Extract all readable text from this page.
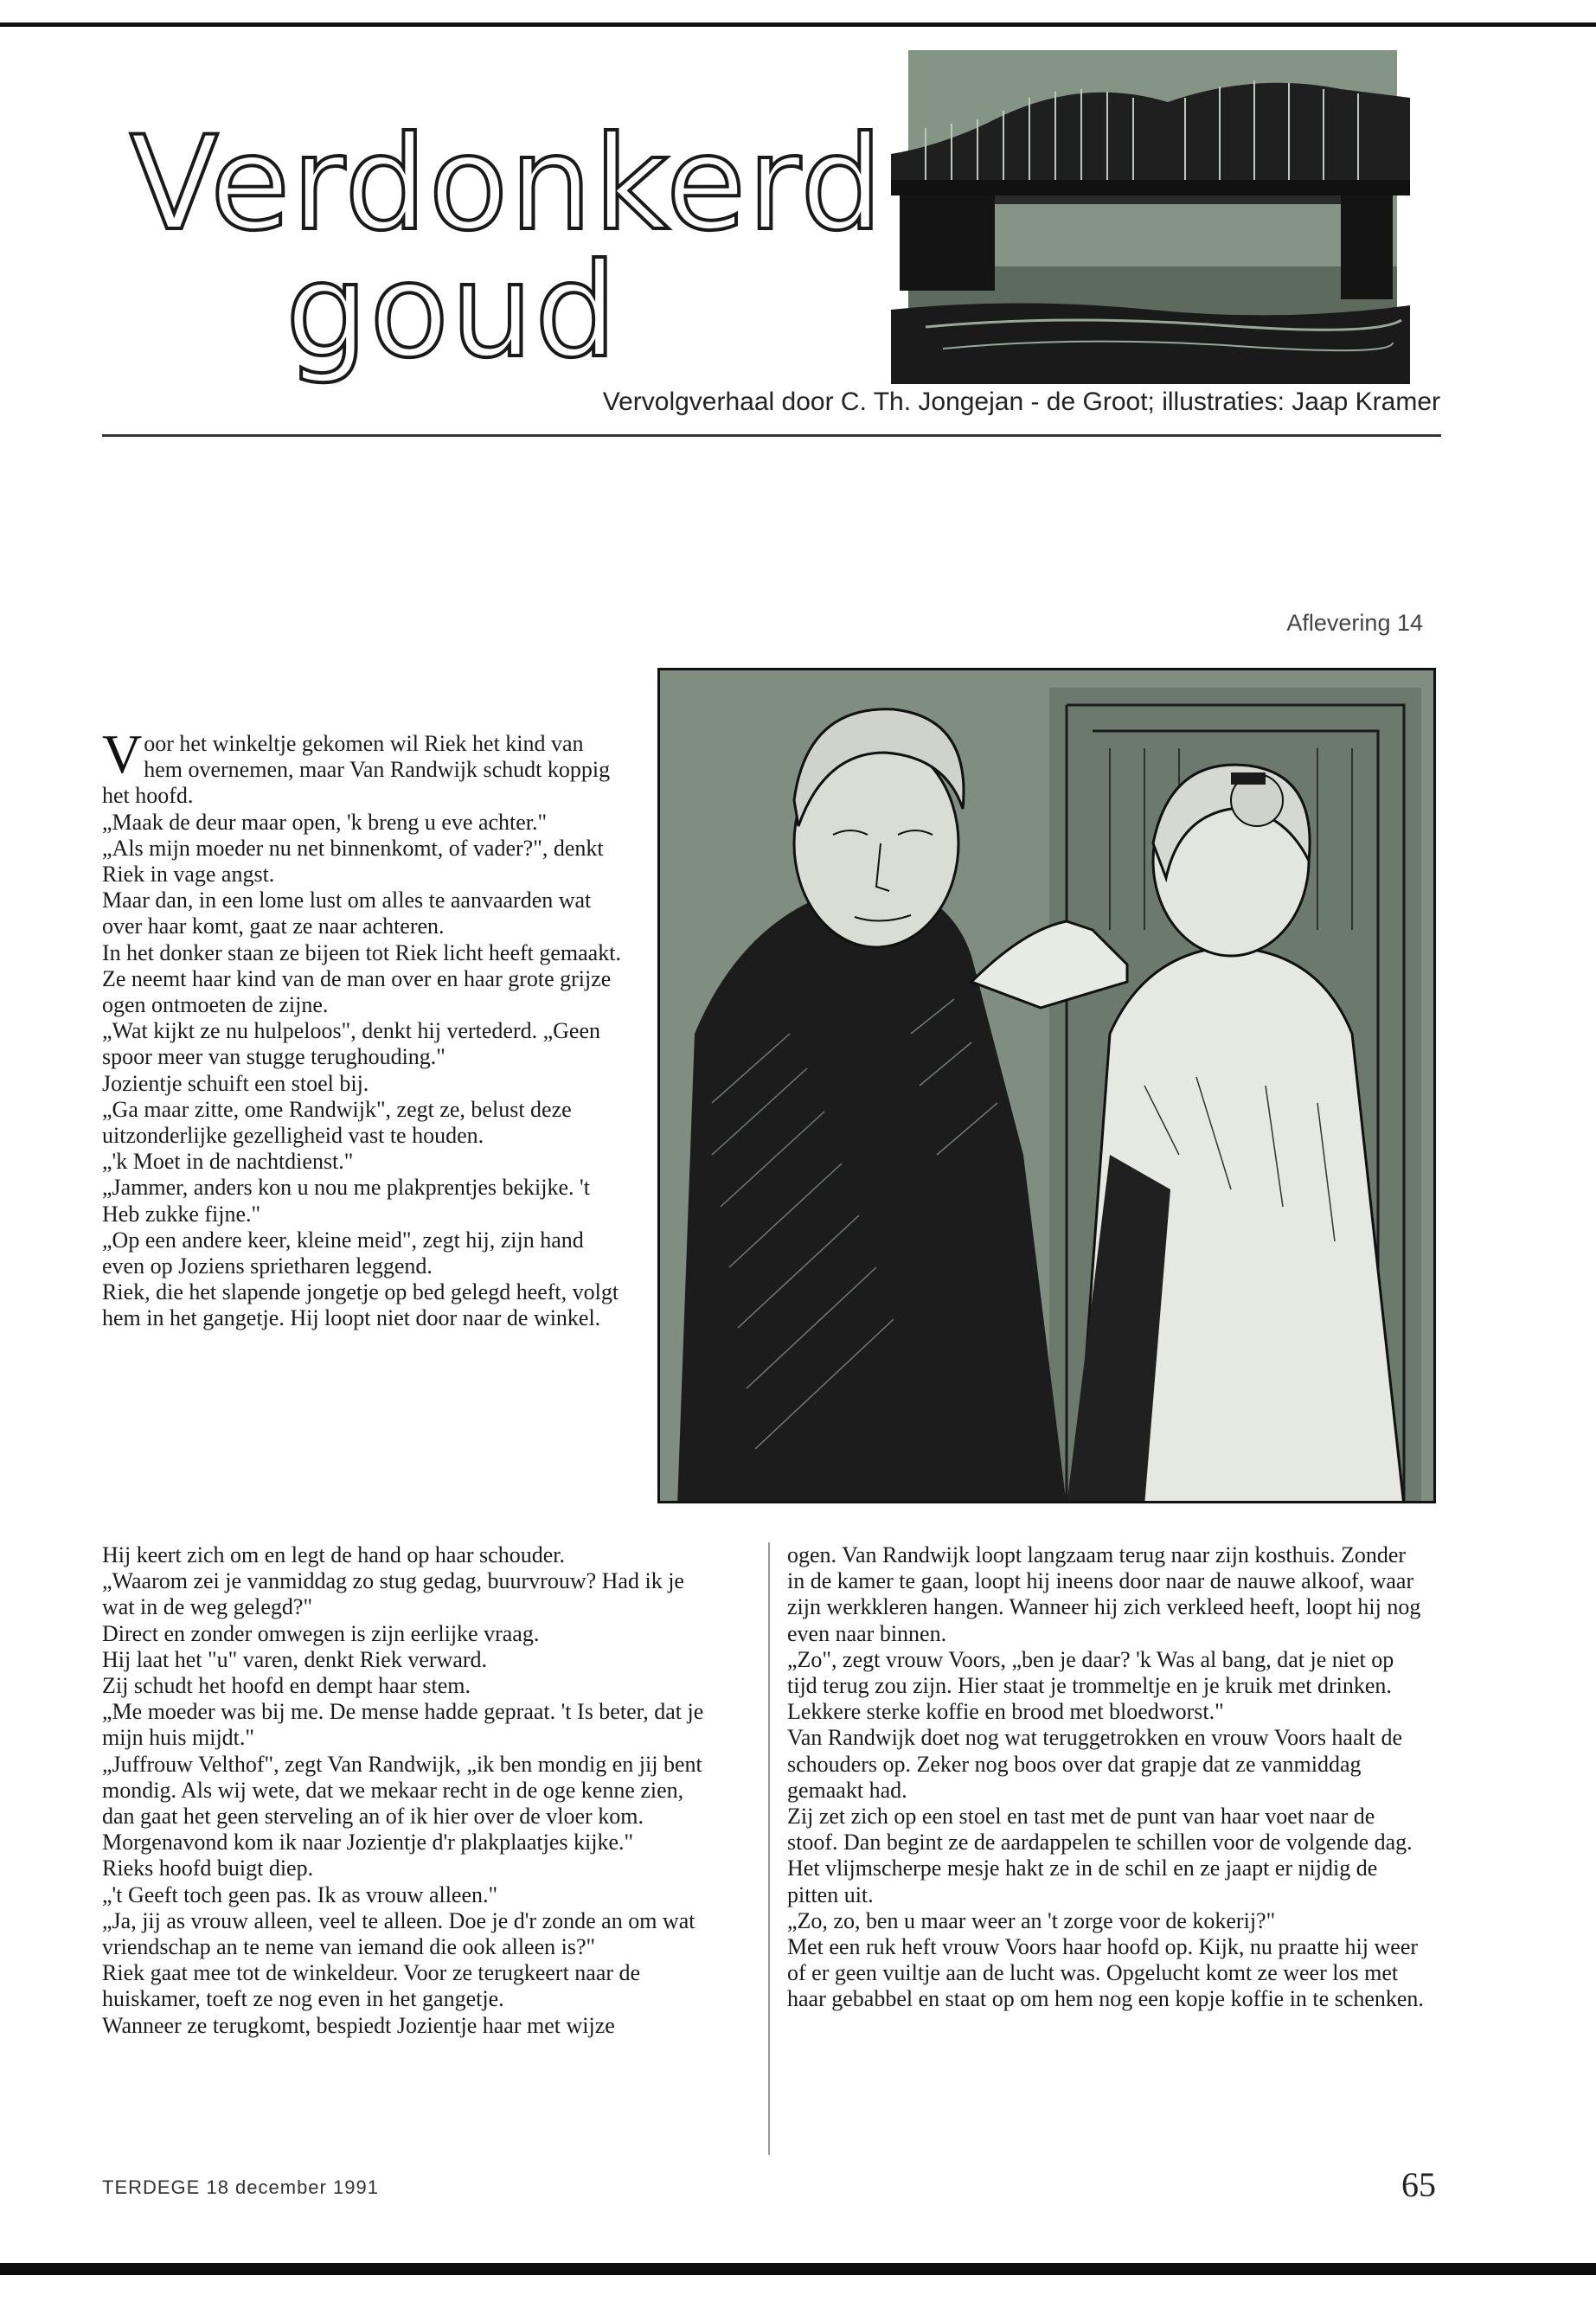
Verdonkerd
goud
Vervolgverhaal door C. Th. Jongejan - de Groot; illustraties: Jaap Kramer
Aflevering 14

Voor het winkeltje gekomen wil Riek het kind van hem overnemen, maar Van Randwijk schudt koppig het hoofd.

„Maak de deur maar open, 'k breng u eve achter."

„Als mijn moeder nu net binnenkomt, of vader?", denkt Riek in vage angst.

Maar dan, in een lome lust om alles te aanvaarden wat over haar komt, gaat ze naar achteren.

In het donker staan ze bijeen tot Riek licht heeft gemaakt. Ze neemt haar kind van de man over en haar grote grijze ogen ontmoeten de zijne.

„Wat kijkt ze nu hulpeloos", denkt hij vertederd. „Geen spoor meer van stugge terughouding."

Jozientje schuift een stoel bij.

„Ga maar zitte, ome Randwijk", zegt ze, belust deze uitzonderlijke gezelligheid vast te houden.

„'k Moet in de nachtdienst."

„Jammer, anders kon u nou me plakprentjes bekijke. 't Heb zukke fijne."

„Op een andere keer, kleine meid", zegt hij, zijn hand even op Joziens sprietharen leggend.

Riek, die het slapende jongetje op bed gelegd heeft, volgt hem in het gangetje. Hij loopt niet door naar de winkel.

Hij keert zich om en legt de hand op haar schouder.

„Waarom zei je vanmiddag zo stug gedag, buurvrouw? Had ik je wat in de weg gelegd?"

Direct en zonder omwegen is zijn eerlijke vraag.

Hij laat het "u" varen, denkt Riek verward.

Zij schudt het hoofd en dempt haar stem.

„Me moeder was bij me. De mense hadde gepraat. 't Is beter, dat je mijn huis mijdt."

„Juffrouw Velthof", zegt Van Randwijk, „ik ben mondig en jij bent mondig. Als wij wete, dat we mekaar recht in de oge kenne zien, dan gaat het geen sterveling an of ik hier over de vloer kom. Morgenavond kom ik naar Jozientje d'r plakplaatjes kijke."

Rieks hoofd buigt diep.

„'t Geeft toch geen pas. Ik as vrouw alleen."

„Ja, jij as vrouw alleen, veel te alleen. Doe je d'r zonde an om wat vriendschap an te neme van iemand die ook alleen is?"

Riek gaat mee tot de winkeldeur. Voor ze terugkeert naar de huiskamer, toeft ze nog even in het gangetje.

Wanneer ze terugkomt, bespiedt Jozientje haar met wijze

ogen. Van Randwijk loopt langzaam terug naar zijn kosthuis. Zonder in de kamer te gaan, loopt hij ineens door naar de nauwe alkoof, waar zijn werkkleren hangen. Wanneer hij zich verkleed heeft, loopt hij nog even naar binnen.

„Zo", zegt vrouw Voors, „ben je daar? 'k Was al bang, dat je niet op tijd terug zou zijn. Hier staat je trommeltje en je kruik met drinken. Lekkere sterke koffie en brood met bloedworst."

Van Randwijk doet nog wat teruggetrokken en vrouw Voors haalt de schouders op. Zeker nog boos over dat grapje dat ze vanmiddag gemaakt had.

Zij zet zich op een stoel en tast met de punt van haar voet naar de stoof. Dan begint ze de aardappelen te schillen voor de volgende dag. Het vlijmscherpe mesje hakt ze in de schil en ze jaapt er nijdig de pitten uit.

„Zo, zo, ben u maar weer an 't zorge voor de kokerij?"

Met een ruk heft vrouw Voors haar hoofd op. Kijk, nu praatte hij weer of er geen vuiltje aan de lucht was. Opgelucht komt ze weer los met haar gebabbel en staat op om hem nog een kopje koffie in te schenken.

TERDEGE 18 december 1991	65
